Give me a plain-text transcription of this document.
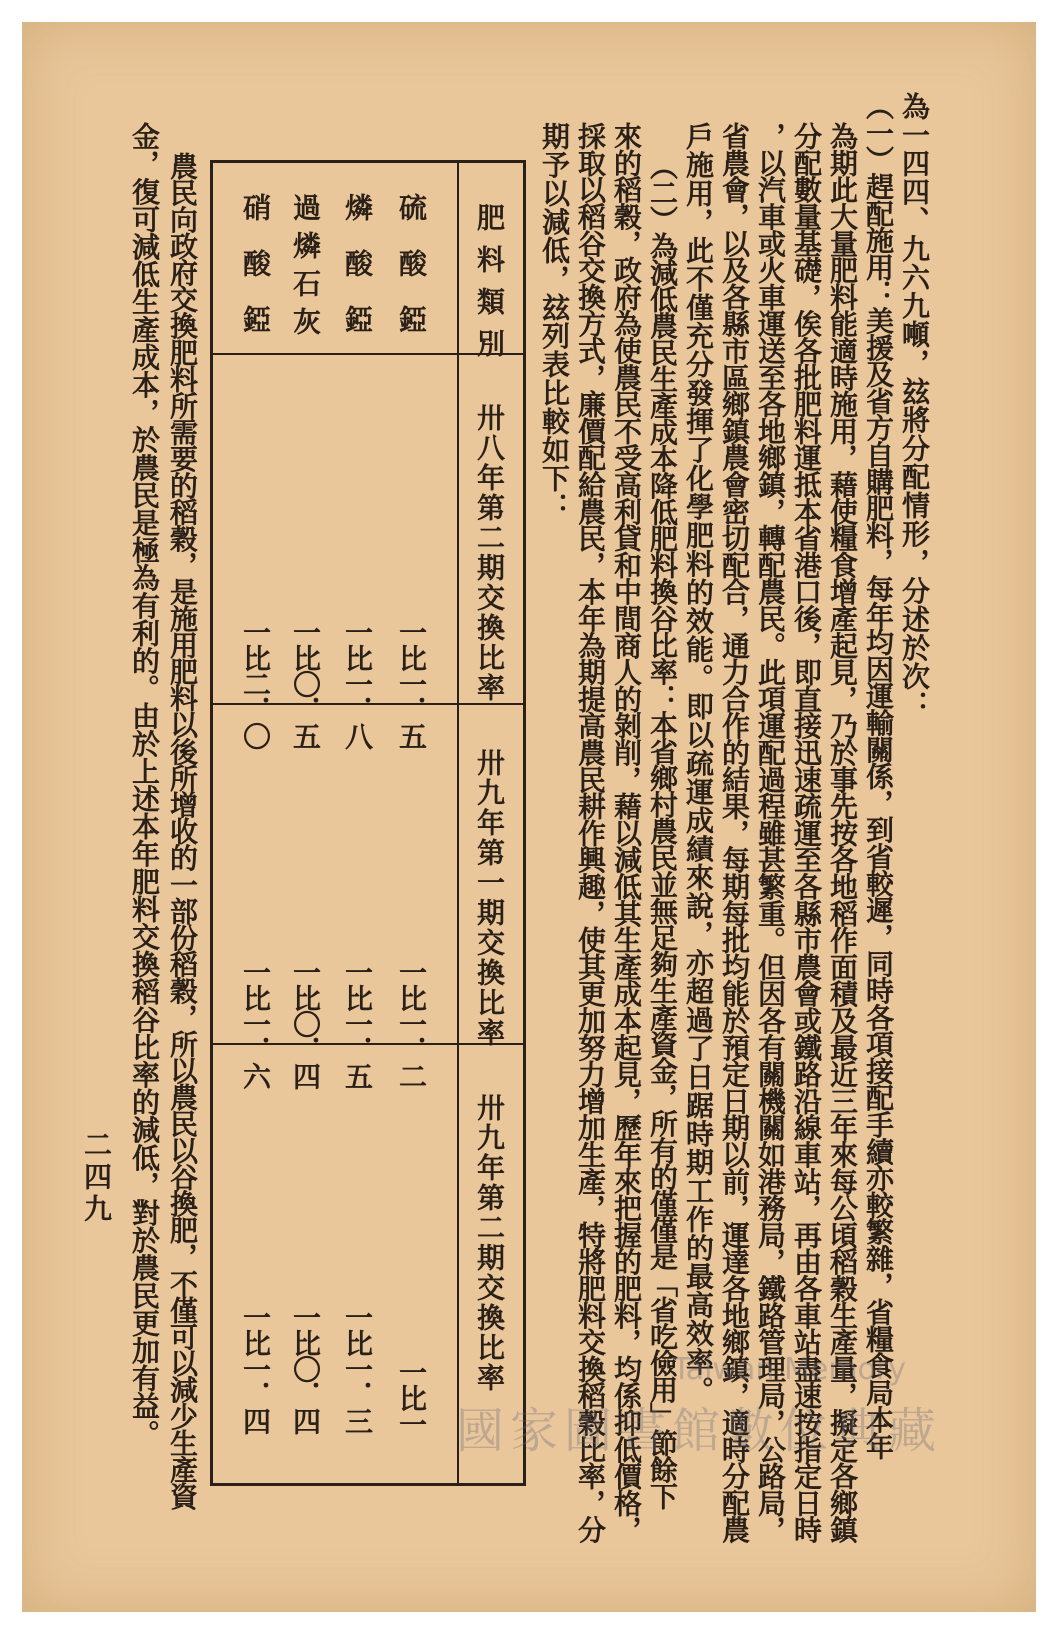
為一四四、九六九噸，玆將分配情形，分述於次：
（一）趕配施用：美援及省方自購肥料，每年均因運輸關係，到省較遲，同時各項接配手續亦較繁雜，省糧食局本年
為期此大量肥料能適時施用，藉使糧食增產起見，乃於事先按各地稻作面積及最近三年來每公頃稻穀生產量，擬定各鄉鎮
分配數量基礎，俟各批肥料運抵本省港口後，即直接迅速疏運至各縣市農會或鐵路沿線車站，再由各車站盡速按指定日時
，以汽車或火車運送至各地鄉鎮，轉配農民。此項運配過程雖甚繁重。但因各有關機關如港務局，鐵路管理局，公路局，
省農會，以及各縣市區鄉鎮農會密切配合，通力合作的結果，每期每批均能於預定日期以前，運達各地鄉鎮，適時分配農
戶施用，此不僅充分發揮了化學肥料的效能。即以疏運成績來說，亦超過了日踞時期工作的最高效率。
（二）為減低農民生產成本降低肥料換谷比率：本省鄉村農民並無足夠生產資金，所有的僅僅是「省吃儉用」節餘下
來的稻穀，政府為使農民不受高利貸和中間商人的剝削，藉以減低其生產成本起見，歷年來把握的肥料，均係抑低價格，
採取以稻谷交換方式，廉價配給農民，本年為期提高農民耕作興趣，使其更加努力增加生產，特將肥料交換稻穀比率，分
期予以減低，玆列表比較如下：
肥料類別
卅八年第二期交換比率
卅九年第一期交換比率
卅九年第二期交換比率
硫酸錏
燐酸錏
過燐石灰
硝酸錏
一比一．五
一比一．八
一比〇．五
一比二．〇
一比一．二
一比一．五
一比〇．四
一比一．六
一比一
一比一．三
一比〇．四
一比一．四
農民向政府交換肥料所需要的稻穀，是施用肥料以後所增收的一部份稻穀，所以農民以谷換肥，不僅可以減少生產資
金，復可減低生產成本，於農民是極為有利的。由於上述本年肥料交換稻谷比率的減低，對於農民更加有益。
二四九
Taiwan Memory
國家圖書館數位典藏
